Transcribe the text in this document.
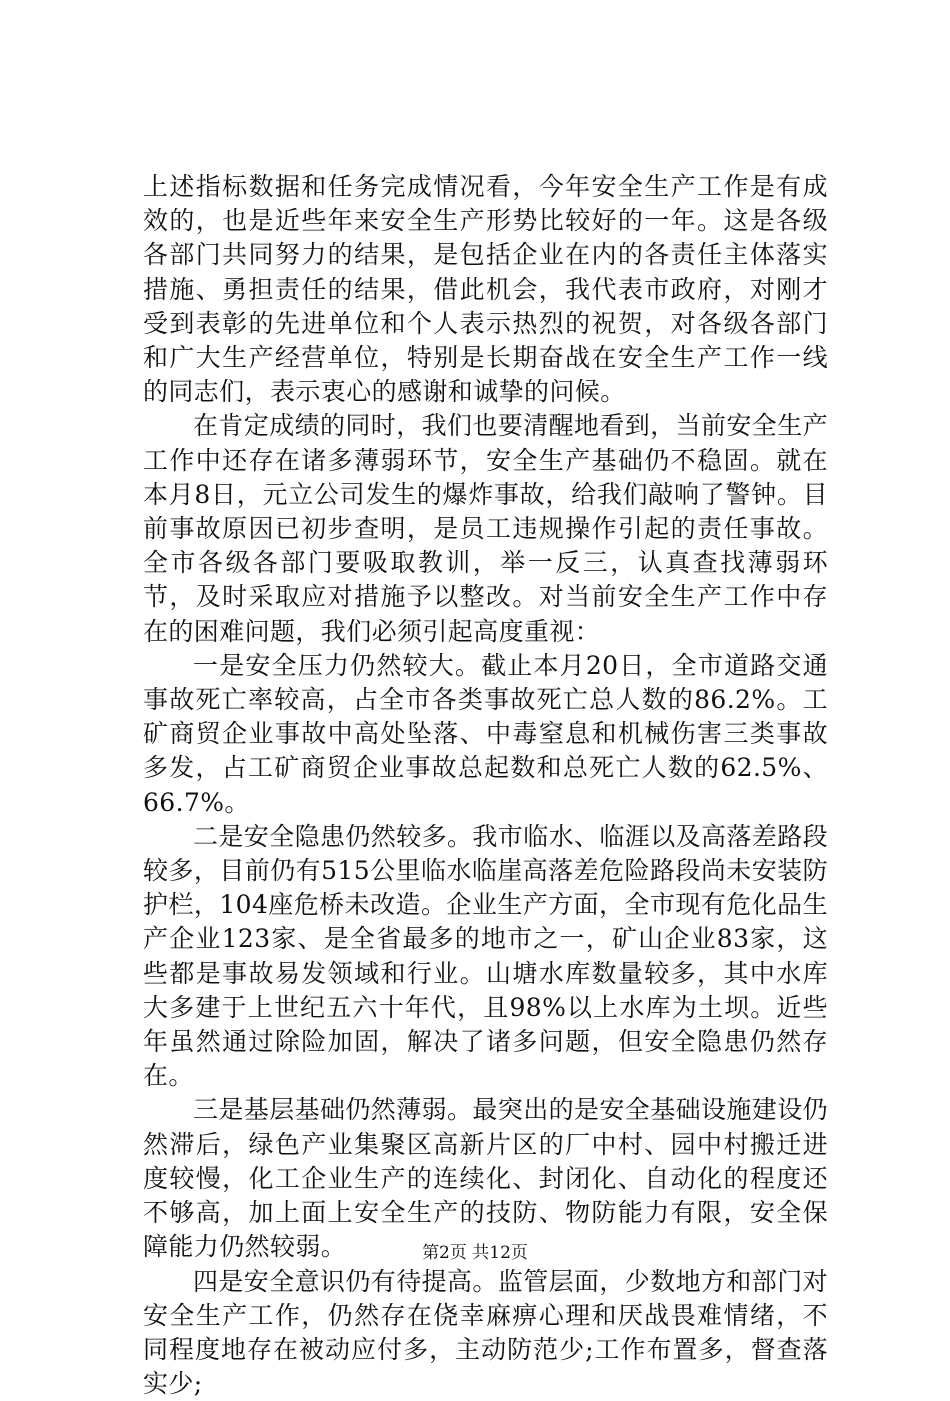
上述指标数据和任务完成情况看，今年安全生产工作是有成效的，也是近些年来安全生产形势比较好的一年。这是各级各部门共同努力的结果，是包括企业在内的各责任主体落实措施、勇担责任的结果，借此机会，我代表市政府，对刚才受到表彰的先进单位和个人表示热烈的祝贺，对各级各部门和广大生产经营单位，特别是长期奋战在安全生产工作一线的同志们，表示衷心的感谢和诚挚的问候。

在肯定成绩的同时，我们也要清醒地看到，当前安全生产工作中还存在诸多薄弱环节，安全生产基础仍不稳固。就在本月8日，元立公司发生的爆炸事故，给我们敲响了警钟。目前事故原因已初步查明，是员工违规操作引起的责任事故。全市各级各部门要吸取教训，举一反三，认真查找薄弱环节，及时采取应对措施予以整改。对当前安全生产工作中存在的困难问题，我们必须引起高度重视：

一是安全压力仍然较大。截止本月20日，全市道路交通事故死亡率较高，占全市各类事故死亡总人数的86.2%。工矿商贸企业事故中高处坠落、中毒窒息和机械伤害三类事故多发，占工矿商贸企业事故总起数和总死亡人数的62.5%、66.7%。

二是安全隐患仍然较多。我市临水、临涯以及高落差路段较多，目前仍有515公里临水临崖高落差危险路段尚未安装防护栏，104座危桥未改造。企业生产方面，全市现有危化品生产企业123家、是全省最多的地市之一，矿山企业83家，这些都是事故易发领域和行业。山塘水库数量较多，其中水库大多建于上世纪五六十年代，且98%以上水库为土坝。近些年虽然通过除险加固，解决了诸多问题，但安全隐患仍然存在。

三是基层基础仍然薄弱。最突出的是安全基础设施建设仍然滞后，绿色产业集聚区高新片区的厂中村、园中村搬迁进度较慢，化工企业生产的连续化、封闭化、自动化的程度还不够高，加上面上安全生产的技防、物防能力有限，安全保障能力仍然较弱。

四是安全意识仍有待提高。监管层面，少数地方和部门对安全生产工作，仍然存在侥幸麻痹心理和厌战畏难情绪，不同程度地存在被动应付多，主动防范少;工作布置多，督查落实少;

第2页 共12页
